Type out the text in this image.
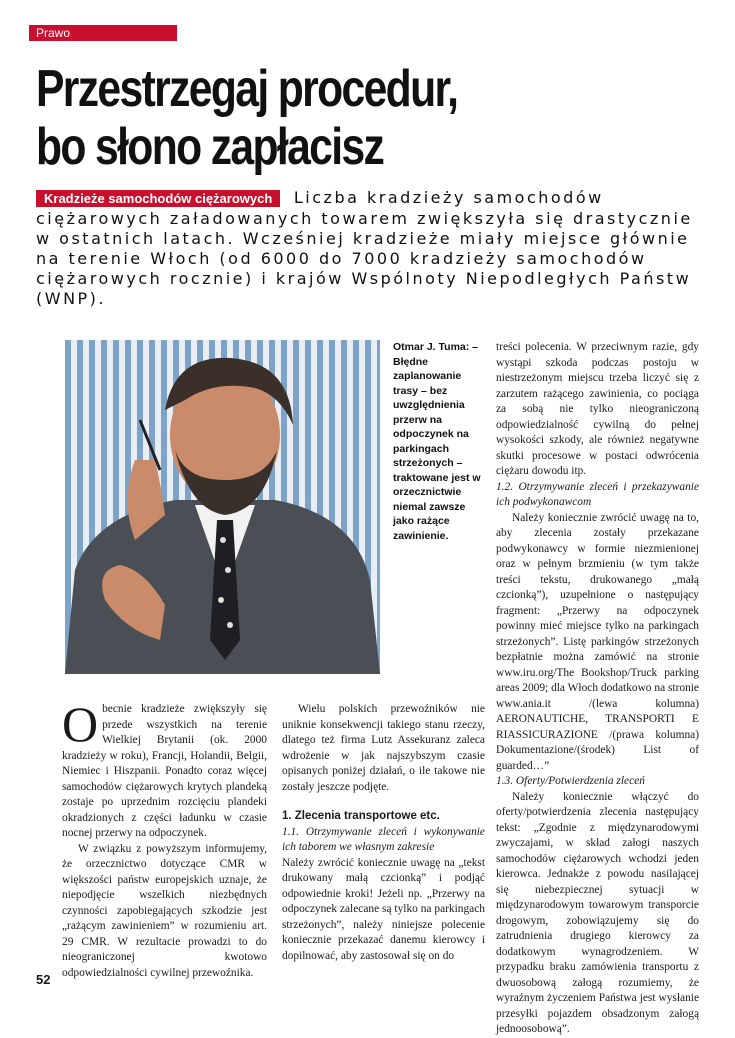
Prawo
Przestrzegaj procedur,
bo słono zapłacisz

Kradzieże samochodów ciężarowych Liczba kradzieży samochodów ciężarowych załadowanych towarem zwiększyła się drastycznie w ostatnich latach. Wcześniej kradzieże miały miejsce głównie na terenie Włoch (od 6000 do 7000 kradzieży samochodów ciężarowych rocznie) i krajów Wspólnoty Niepodległych Państw (WNP).

Otmar J. Tuma: – Błędne zaplanowanie trasy – bez uwzględnienia przerw na odpoczynek na parkingach strzeżonych – traktowane jest w orzecznictwie niemal zawsze jako rażące zawinienie.

Obecnie kradzieże zwiększyły się przede wszystkich na terenie Wielkiej Brytanii (ok. 2000 kradzieży w roku), Francji, Holandii, Belgii, Niemiec i Hiszpanii. Ponadto coraz więcej samochodów ciężarowych krytych plandeką zostaje po uprzednim rozcięciu plandeki okradzionych z części ładunku w czasie nocnej przerwy na odpoczynek.

W związku z powyższym informujemy, że orzecznictwo dotyczące CMR w większości państw europejskich uznaje, że niepodjęcie wszelkich niezbędnych czynności zapobiegających szkodzie jest „rażącym zawinieniem” w rozumieniu art. 29 CMR. W rezultacie prowadzi to do nieograniczonej kwotowo odpowiedzialności cywilnej przewoźnika.

Wielu polskich przewoźników nie uniknie konsekwencji takiego stanu rzeczy, dlatego też firma Lutz Assekuranz zaleca wdrożenie w jak najszybszym czasie opisanych poniżej działań, o ile takowe nie zostały jeszcze podjęte.

1. Zlecenia transportowe etc.

1.1. Otrzymywanie zleceń i wykonywanie ich taborem we własnym zakresie

Należy zwrócić koniecznie uwagę na „tekst drukowany małą czcionką” i podjąć odpowiednie kroki! Jeżeli np. „Przerwy na odpoczynek zalecane są tylko na parkingach strzeżonych”, należy niniejsze polecenie koniecznie przekazać danemu kierowcy i dopilnować, aby zastosował się on do

treści polecenia. W przeciwnym razie, gdy wystąpi szkoda podczas postoju w niestrzeżonym miejscu trzeba liczyć się z zarzutem rażącego zawinienia, co pociąga za sobą nie tylko nieograniczoną odpowiedzialność cywilną do pełnej wysokości szkody, ale również negatywne skutki procesowe w postaci odwrócenia ciężaru dowodu itp.

1.2. Otrzymywanie zleceń i przekazywanie ich podwykonawcom

Należy koniecznie zwrócić uwagę na to, aby zlecenia zostały przekazane podwykonawcy w formie niezmienionej oraz w pełnym brzmieniu (w tym także treści tekstu, drukowanego „małą czcionką”), uzupełnione o następujący fragment: „Przerwy na odpoczynek powinny mieć miejsce tylko na parkingach strzeżonych”. Listę parkingów strzeżonych bezpłatnie można zamówić na stronie www.iru.org/The Bookshop/Truck parking areas 2009; dla Włoch dodatkowo na stronie www.ania.it /(lewa kolumna) AERONAUTICHE, TRANSPORTI E RIASSICURAZIONE /(prawa kolumna) Dokumentazione/(środek) List of guarded…”

1.3. Oferty/Potwierdzenia zleceń

Należy koniecznie włączyć do oferty/potwierdzenia zlecenia następujący tekst: „Zgodnie z międzynarodowymi zwyczajami, w skład załogi naszych samochodów ciężarowych wchodzi jeden kierowca. Jednakże z powodu nasilającej się niebezpiecznej sytuacji w międzynarodowym towarowym transporcie drogowym, zobowiązujemy się do zatrudnienia drugiego kierowcy za dodatkowym wynagrodzeniem. W przypadku braku zamówienia transportu z dwuosobową załogą rozumiemy, że wyraźnym życzeniem Państwa jest wysłanie przesyłki pojazdem obsadzonym załogą jednoosobową”.

52
